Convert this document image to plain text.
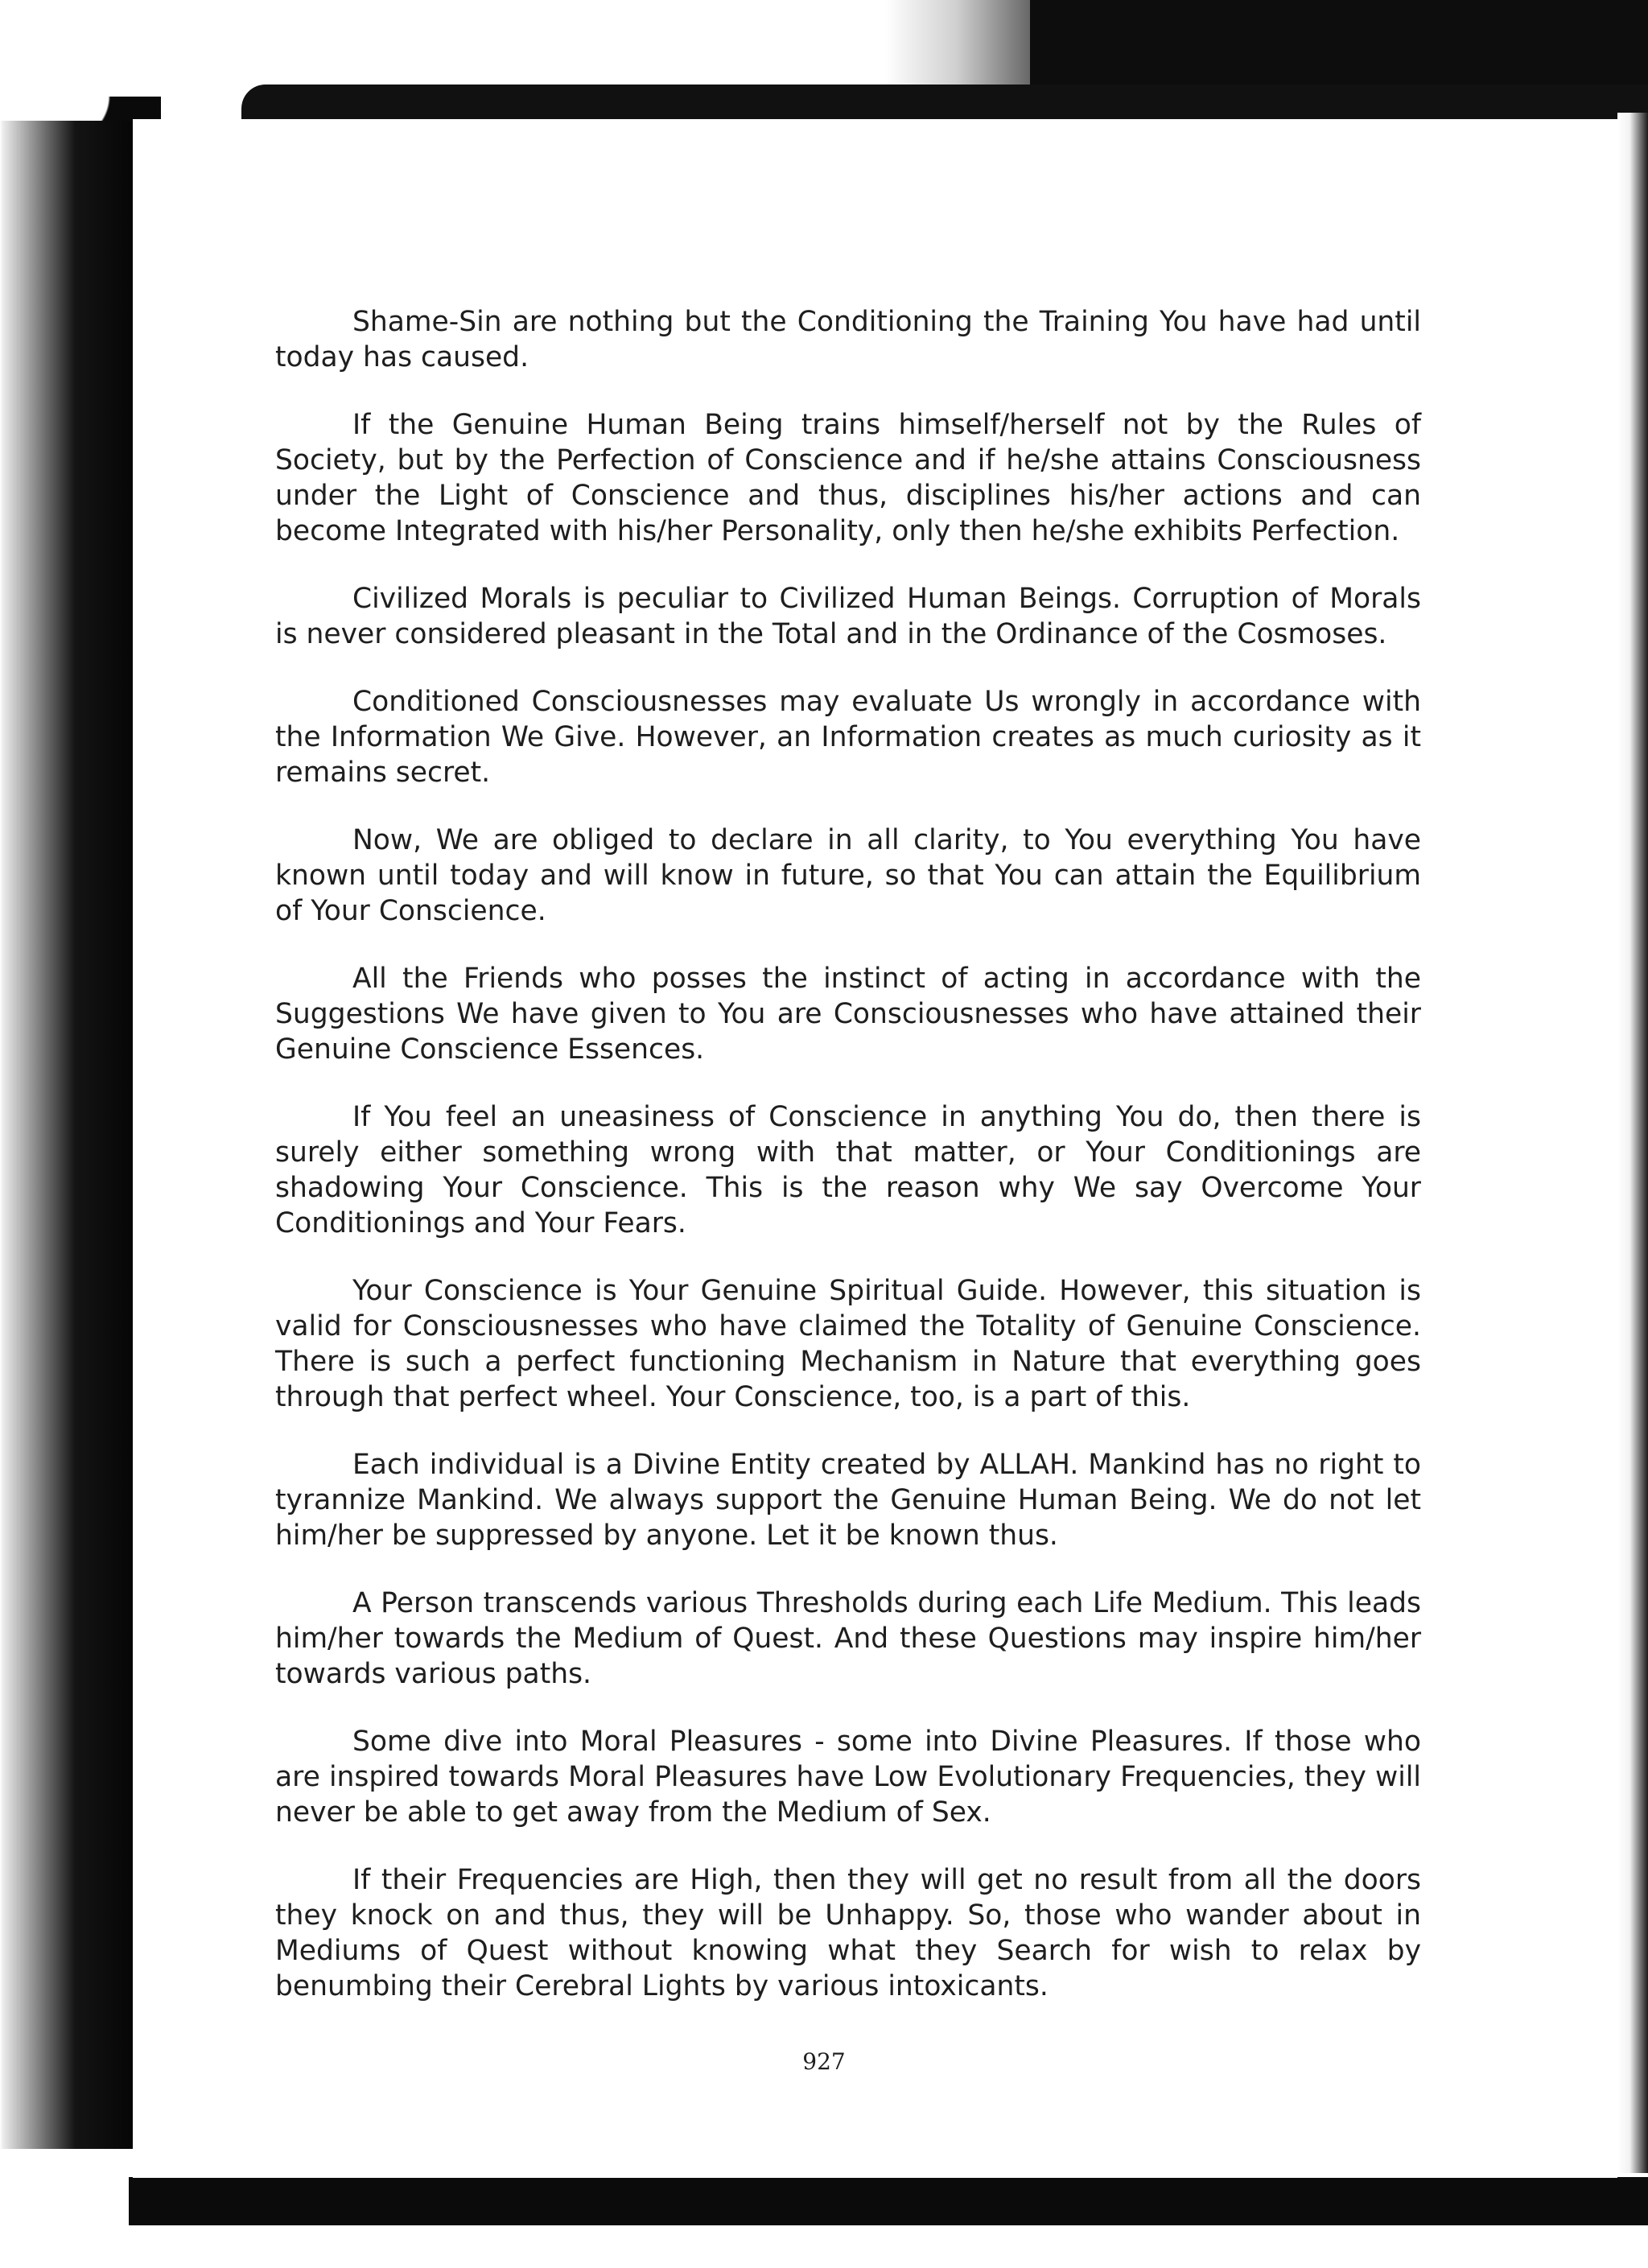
Shame-Sin are nothing but the Conditioning the Training You have had until today has caused.

If the Genuine Human Being trains himself/herself not by the Rules of Society, but by the Perfection of Conscience and if he/she attains Consciousness under the Light of Conscience and thus, disciplines his/her actions and can become Integrated with his/her Personality, only then he/she exhibits Perfection.

Civilized Morals is peculiar to Civilized Human Beings. Corruption of Morals is never considered pleasant in the Total and in the Ordinance of the Cosmoses.

Conditioned Consciousnesses may evaluate Us wrongly in accordance with the Information We Give. However, an Information creates as much curiosity as it remains secret.

Now, We are obliged to declare in all clarity, to You everything You have known until today and will know in future, so that You can attain the Equilibrium of Your Conscience.

All the Friends who posses the instinct of acting in accordance with the Suggestions We have given to You are Consciousnesses who have attained their Genuine Conscience Essences.

If You feel an uneasiness of Conscience in anything You do, then there is surely either something wrong with that matter, or Your Conditionings are shadowing Your Conscience. This is the reason why We say Overcome Your Conditionings and Your Fears.

Your Conscience is Your Genuine Spiritual Guide. However, this situation is valid for Consciousnesses who have claimed the Totality of Genuine Conscience. There is such a perfect functioning Mechanism in Nature that everything goes through that perfect wheel. Your Conscience, too, is a part of this.

Each individual is a Divine Entity created by ALLAH. Mankind has no right to tyrannize Mankind. We always support the Genuine Human Being. We do not let him/her be suppressed by anyone. Let it be known thus.

A Person transcends various Thresholds during each Life Medium. This leads him/her towards the Medium of Quest. And these Questions may inspire him/her towards various paths.

Some dive into Moral Pleasures - some into Divine Pleasures. If those who are inspired towards Moral Pleasures have Low Evolutionary Frequencies, they will never be able to get away from the Medium of Sex.

If their Frequencies are High, then they will get no result from all the doors they knock on and thus, they will be Unhappy. So, those who wander about in Mediums of Quest without knowing what they Search for wish to relax by benumbing their Cerebral Lights by various intoxicants.

927
